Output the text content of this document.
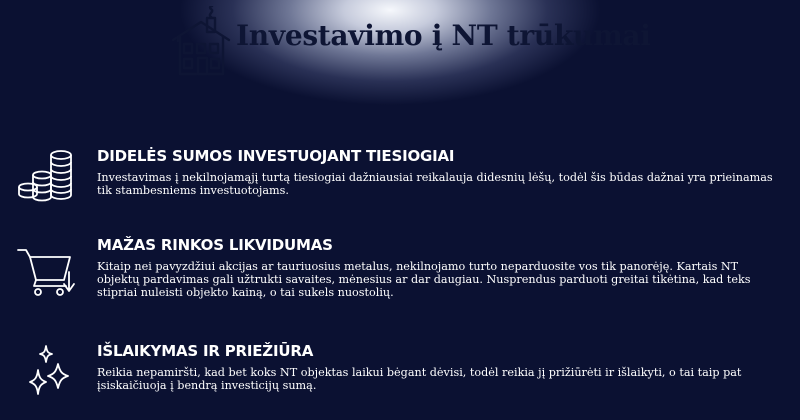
Investavimo į NT trūkumai
DIDELĖS SUMOS INVESTUOJANT TIESIOGIAI
Investavimas į nekilnojamąjį turtą tiesiogiai dažniausiai reikalauja didesnių lėšų, todėl šis būdas dažnai yra prieinamas tik stambesniems investuotojams.
MAŽAS RINKOS LIKVIDUMAS
Kitaip nei pavyzdžiui akcijas ar tauriuosius metalus, nekilnojamo turto neparduosite vos tik panorėję. Kartais NT objektų pardavimas gali užtrukti savaites, mėnesius ar dar daugiau. Nusprendus parduoti greitai tikėtina, kad teks stipriai nuleisti objekto kainą, o tai sukels nuostolių.
IŠLAIKYMAS IR PRIEŽIŪRA
Reikia nepamiršti, kad bet koks NT objektas laikui bėgant dėvisi, todėl reikia jį prižiūrėti ir išlaikyti, o tai taip pat įsiskaičiuoja į bendrą investicijų sumą.
